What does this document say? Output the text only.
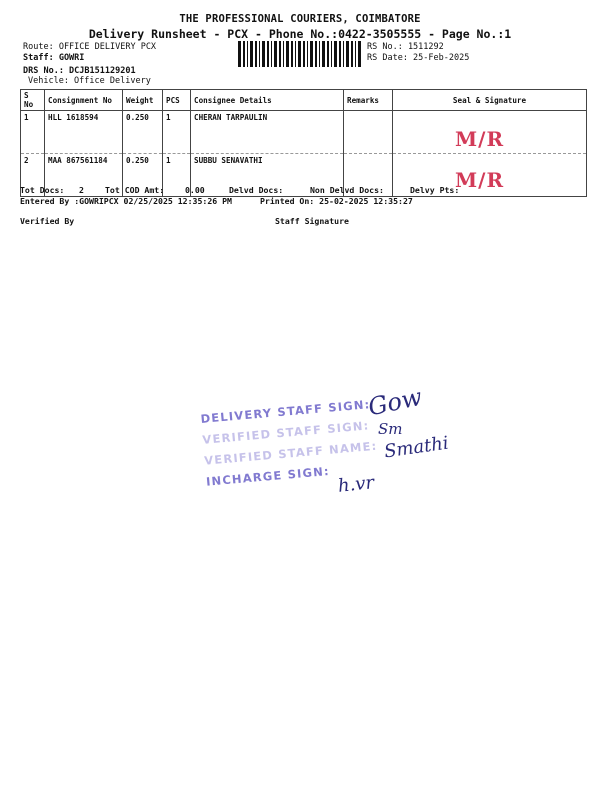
THE PROFESSIONAL COURIERS, COIMBATORE
Delivery Runsheet - PCX - Phone No.:0422-3505555 - Page No.:1
Route: OFFICE DELIVERY PCX
Staff: GOWRI
DRS No.: DCJB151129201
Vehicle: Office Delivery
RS No.: 1511292
RS Date: 25-Feb-2025
S No	Consignment No	Weight	PCS	Consignee Details	Remarks	Seal & Signature
1	HLL 1618594	0.250	1	CHERAN TARPAULIN		M/R

2	MAA 867561184	0.250	1	SUBBU SENAVATHI		M/R
Tot Docs: 2	Tot COD Amt:	0.00	Delvd Docs:	Non Delvd Docs:	Delvy Pts:
Entered By :GOWRIPCX 02/25/2025 12:35:26 PM	Printed On: 25-02-2025 12:35:27
Verified By	Staff Signature
DELIVERY STAFF SIGN:
VERIFIED STAFF SIGN:
VERIFIED STAFF NAME:
INCHARGE SIGN:
Gow
Sm
Smathi
h.vr
